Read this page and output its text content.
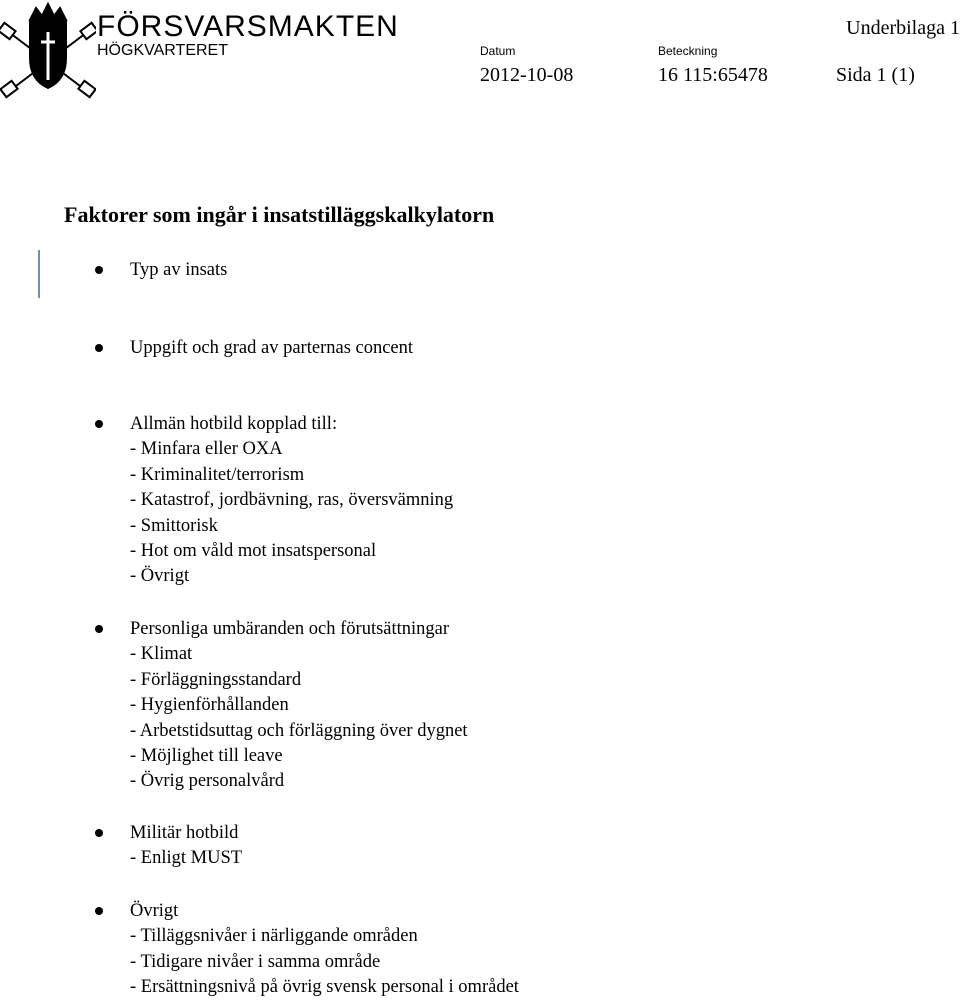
FÖRSVARSMAKTEN
HÖGKVARTERET
Underbilaga 1
Datum
2012-10-08
Beteckning
16 115:65478	Sida 1 (1)
Faktorer som ingår i insatstilläggskalkylatorn
Typ av insats
Uppgift och grad av parternas concent
Allmän hotbild kopplad till:
- Minfara eller OXA
- Kriminalitet/terrorism
- Katastrof, jordbävning, ras, översvämning
- Smittorisk
- Hot om våld mot insatspersonal
- Övrigt
Personliga umbäranden och förutsättningar
- Klimat
- Förläggningsstandard
- Hygienförhållanden
- Arbetstidsuttag och förläggning över dygnet
- Möjlighet till leave
- Övrig personalvård
Militär hotbild
- Enligt MUST
Övrigt
- Tilläggsnivåer i närliggande områden
- Tidigare nivåer i samma område
- Ersättningsnivå på övrig svensk personal i området
